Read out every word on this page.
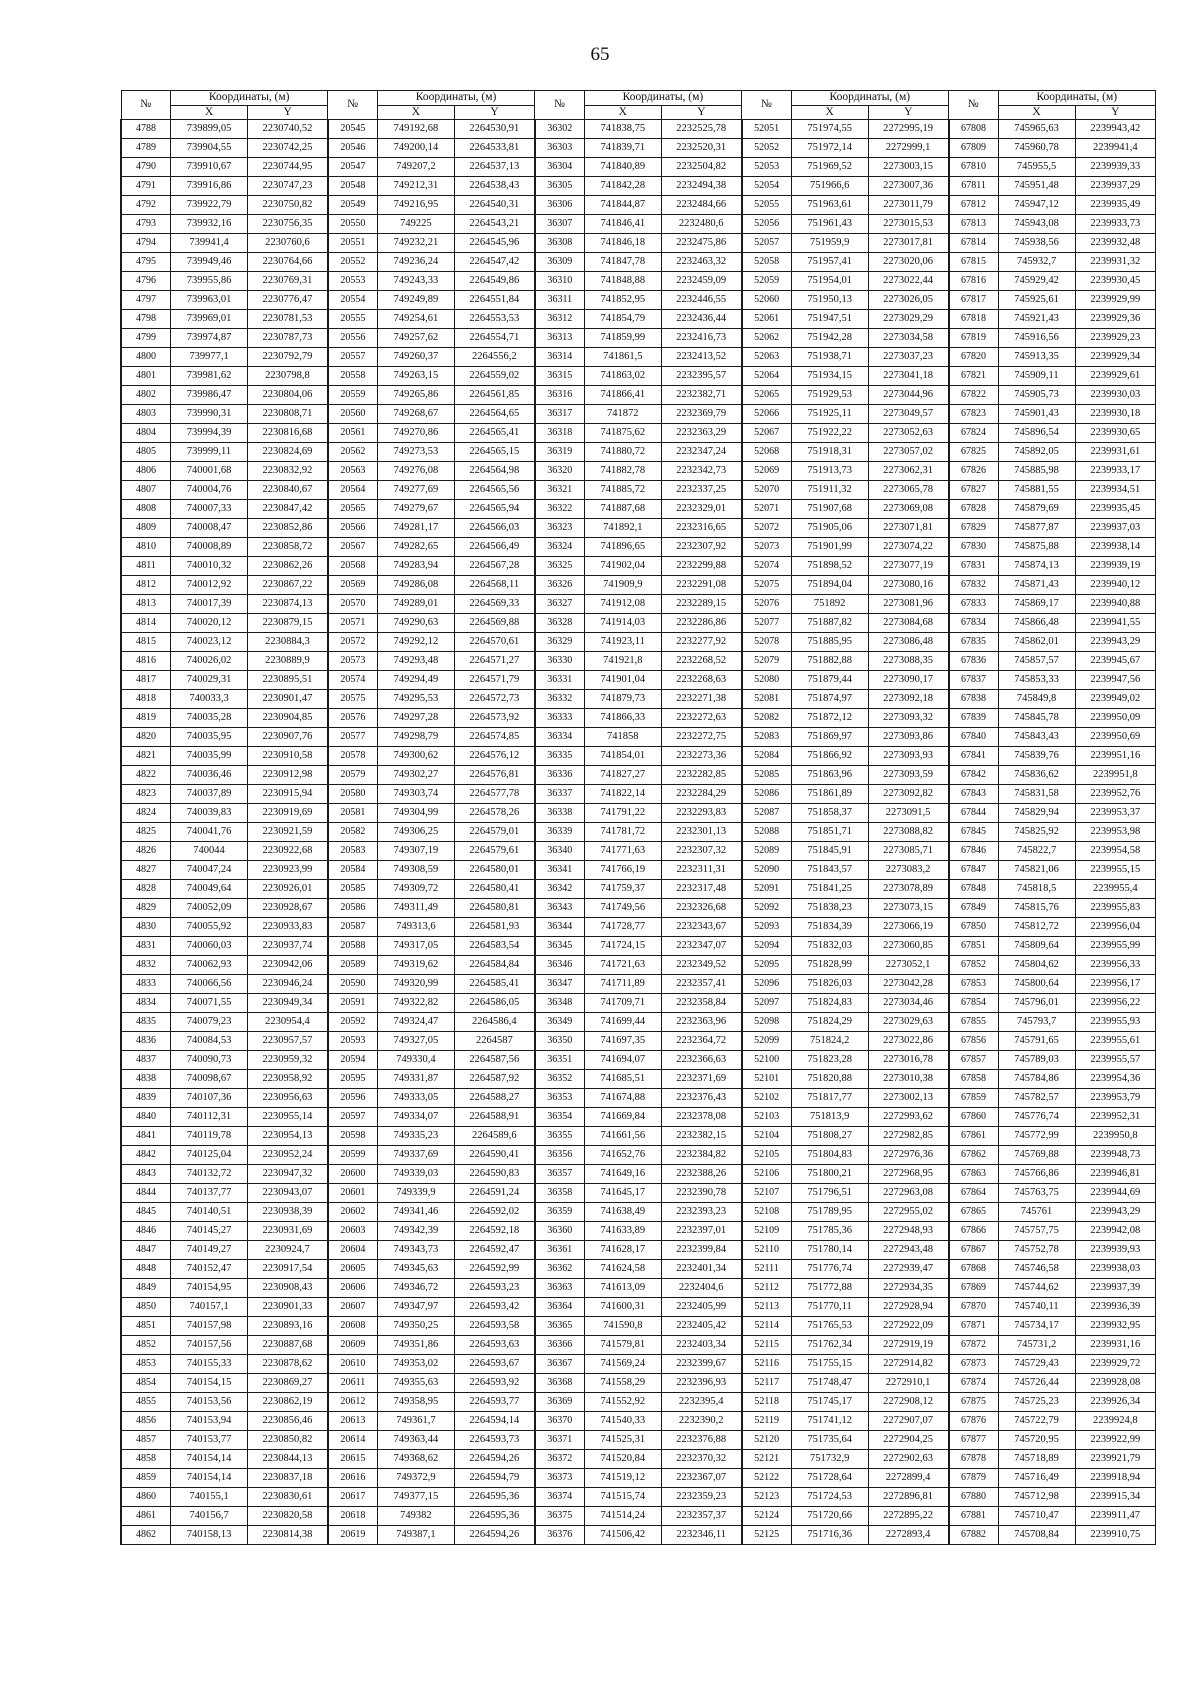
65
№	Координаты, (м)		№	Координаты, (м)		№	Координаты, (м)		№	Координаты, (м)		№	Координаты, (м)	
	X	Y		X	Y		X	Y		X	Y		X	Y
4788	739899,05	2230740,52	20545	749192,68	2264530,91	36302	741838,75	2232525,78	52051	751974,55	2272995,19	67808	745965,63	2239943,42
4789	739904,55	2230742,25	20546	749200,14	2264533,81	36303	741839,71	2232520,31	52052	751972,14	2272999,1	67809	745960,78	2239941,4
4790	739910,67	2230744,95	20547	749207,2	2264537,13	36304	741840,89	2232504,82	52053	751969,52	2273003,15	67810	745955,5	2239939,33
4791	739916,86	2230747,23	20548	749212,31	2264538,43	36305	741842,28	2232494,38	52054	751966,6	2273007,36	67811	745951,48	2239937,29
4792	739922,79	2230750,82	20549	749216,95	2264540,31	36306	741844,87	2232484,66	52055	751963,61	2273011,79	67812	745947,12	2239935,49
4793	739932,16	2230756,35	20550	749225	2264543,21	36307	741846,41	2232480,6	52056	751961,43	2273015,53	67813	745943,08	2239933,73
4794	739941,4	2230760,6	20551	749232,21	2264545,96	36308	741846,18	2232475,86	52057	751959,9	2273017,81	67814	745938,56	2239932,48
4795	739949,46	2230764,66	20552	749236,24	2264547,42	36309	741847,78	2232463,32	52058	751957,41	2273020,06	67815	745932,7	2239931,32
4796	739955,86	2230769,31	20553	749243,33	2264549,86	36310	741848,88	2232459,09	52059	751954,01	2273022,44	67816	745929,42	2239930,45
4797	739963,01	2230776,47	20554	749249,89	2264551,84	36311	741852,95	2232446,55	52060	751950,13	2273026,05	67817	745925,61	2239929,99
4798	739969,01	2230781,53	20555	749254,61	2264553,53	36312	741854,79	2232436,44	52061	751947,51	2273029,29	67818	745921,43	2239929,36
4799	739974,87	2230787,73	20556	749257,62	2264554,71	36313	741859,99	2232416,73	52062	751942,28	2273034,58	67819	745916,56	2239929,23
4800	739977,1	2230792,79	20557	749260,37	2264556,2	36314	741861,5	2232413,52	52063	751938,71	2273037,23	67820	745913,35	2239929,34
4801	739981,62	2230798,8	20558	749263,15	2264559,02	36315	741863,02	2232395,57	52064	751934,15	2273041,18	67821	745909,11	2239929,61
4802	739986,47	2230804,06	20559	749265,86	2264561,85	36316	741866,41	2232382,71	52065	751929,53	2273044,96	67822	745905,73	2239930,03
4803	739990,31	2230808,71	20560	749268,67	2264564,65	36317	741872	2232369,79	52066	751925,11	2273049,57	67823	745901,43	2239930,18
4804	739994,39	2230816,68	20561	749270,86	2264565,41	36318	741875,62	2232363,29	52067	751922,22	2273052,63	67824	745896,54	2239930,65
4805	739999,11	2230824,69	20562	749273,53	2264565,15	36319	741880,72	2232347,24	52068	751918,31	2273057,02	67825	745892,05	2239931,61
4806	740001,68	2230832,92	20563	749276,08	2264564,98	36320	741882,78	2232342,73	52069	751913,73	2273062,31	67826	745885,98	2239933,17
4807	740004,76	2230840,67	20564	749277,69	2264565,56	36321	741885,72	2232337,25	52070	751911,32	2273065,78	67827	745881,55	2239934,51
4808	740007,33	2230847,42	20565	749279,67	2264565,94	36322	741887,68	2232329,01	52071	751907,68	2273069,08	67828	745879,69	2239935,45
4809	740008,47	2230852,86	20566	749281,17	2264566,03	36323	741892,1	2232316,65	52072	751905,06	2273071,81	67829	745877,87	2239937,03
4810	740008,89	2230858,72	20567	749282,65	2264566,49	36324	741896,65	2232307,92	52073	751901,99	2273074,22	67830	745875,88	2239938,14
4811	740010,32	2230862,26	20568	749283,94	2264567,28	36325	741902,04	2232299,88	52074	751898,52	2273077,19	67831	745874,13	2239939,19
4812	740012,92	2230867,22	20569	749286,08	2264568,11	36326	741909,9	2232291,08	52075	751894,04	2273080,16	67832	745871,43	2239940,12
4813	740017,39	2230874,13	20570	749289,01	2264569,33	36327	741912,08	2232289,15	52076	751892	2273081,96	67833	745869,17	2239940,88
4814	740020,12	2230879,15	20571	749290,63	2264569,88	36328	741914,03	2232286,86	52077	751887,82	2273084,68	67834	745866,48	2239941,55
4815	740023,12	2230884,3	20572	749292,12	2264570,61	36329	741923,11	2232277,92	52078	751885,95	2273086,48	67835	745862,01	2239943,29
4816	740026,02	2230889,9	20573	749293,48	2264571,27	36330	741921,8	2232268,52	52079	751882,88	2273088,35	67836	745857,57	2239945,67
4817	740029,31	2230895,51	20574	749294,49	2264571,79	36331	741901,04	2232268,63	52080	751879,44	2273090,17	67837	745853,33	2239947,56
4818	740033,3	2230901,47	20575	749295,53	2264572,73	36332	741879,73	2232271,38	52081	751874,97	2273092,18	67838	745849,8	2239949,02
4819	740035,28	2230904,85	20576	749297,28	2264573,92	36333	741866,33	2232272,63	52082	751872,12	2273093,32	67839	745845,78	2239950,09
4820	740035,95	2230907,76	20577	749298,79	2264574,85	36334	741858	2232272,75	52083	751869,97	2273093,86	67840	745843,43	2239950,69
4821	740035,99	2230910,58	20578	749300,62	2264576,12	36335	741854,01	2232273,36	52084	751866,92	2273093,93	67841	745839,76	2239951,16
4822	740036,46	2230912,98	20579	749302,27	2264576,81	36336	741827,27	2232282,85	52085	751863,96	2273093,59	67842	745836,62	2239951,8
4823	740037,89	2230915,94	20580	749303,74	2264577,78	36337	741822,14	2232284,29	52086	751861,89	2273092,82	67843	745831,58	2239952,76
4824	740039,83	2230919,69	20581	749304,99	2264578,26	36338	741791,22	2232293,83	52087	751858,37	2273091,5	67844	745829,94	2239953,37
4825	740041,76	2230921,59	20582	749306,25	2264579,01	36339	741781,72	2232301,13	52088	751851,71	2273088,82	67845	745825,92	2239953,98
4826	740044	2230922,68	20583	749307,19	2264579,61	36340	741771,63	2232307,32	52089	751845,91	2273085,71	67846	745822,7	2239954,58
4827	740047,24	2230923,99	20584	749308,59	2264580,01	36341	741766,19	2232311,31	52090	751843,57	2273083,2	67847	745821,06	2239955,15
4828	740049,64	2230926,01	20585	749309,72	2264580,41	36342	741759,37	2232317,48	52091	751841,25	2273078,89	67848	745818,5	2239955,4
4829	740052,09	2230928,67	20586	749311,49	2264580,81	36343	741749,56	2232326,68	52092	751838,23	2273073,15	67849	745815,76	2239955,83
4830	740055,92	2230933,83	20587	749313,6	2264581,93	36344	741728,77	2232343,67	52093	751834,39	2273066,19	67850	745812,72	2239956,04
4831	740060,03	2230937,74	20588	749317,05	2264583,54	36345	741724,15	2232347,07	52094	751832,03	2273060,85	67851	745809,64	2239955,99
4832	740062,93	2230942,06	20589	749319,62	2264584,84	36346	741721,63	2232349,52	52095	751828,99	2273052,1	67852	745804,62	2239956,33
4833	740066,56	2230946,24	20590	749320,99	2264585,41	36347	741711,89	2232357,41	52096	751826,03	2273042,28	67853	745800,64	2239956,17
4834	740071,55	2230949,34	20591	749322,82	2264586,05	36348	741709,71	2232358,84	52097	751824,83	2273034,46	67854	745796,01	2239956,22
4835	740079,23	2230954,4	20592	749324,47	2264586,4	36349	741699,44	2232363,96	52098	751824,29	2273029,63	67855	745793,7	2239955,93
4836	740084,53	2230957,57	20593	749327,05	2264587	36350	741697,35	2232364,72	52099	751824,2	2273022,86	67856	745791,65	2239955,61
4837	740090,73	2230959,32	20594	749330,4	2264587,56	36351	741694,07	2232366,63	52100	751823,28	2273016,78	67857	745789,03	2239955,57
4838	740098,67	2230958,92	20595	749331,87	2264587,92	36352	741685,51	2232371,69	52101	751820,88	2273010,38	67858	745784,86	2239954,36
4839	740107,36	2230956,63	20596	749333,05	2264588,27	36353	741674,88	2232376,43	52102	751817,77	2273002,13	67859	745782,57	2239953,79
4840	740112,31	2230955,14	20597	749334,07	2264588,91	36354	741669,84	2232378,08	52103	751813,9	2272993,62	67860	745776,74	2239952,31
4841	740119,78	2230954,13	20598	749335,23	2264589,6	36355	741661,56	2232382,15	52104	751808,27	2272982,85	67861	745772,99	2239950,8
4842	740125,04	2230952,24	20599	749337,69	2264590,41	36356	741652,76	2232384,82	52105	751804,83	2272976,36	67862	745769,88	2239948,73
4843	740132,72	2230947,32	20600	749339,03	2264590,83	36357	741649,16	2232388,26	52106	751800,21	2272968,95	67863	745766,86	2239946,81
4844	740137,77	2230943,07	20601	749339,9	2264591,24	36358	741645,17	2232390,78	52107	751796,51	2272963,08	67864	745763,75	2239944,69
4845	740140,51	2230938,39	20602	749341,46	2264592,02	36359	741638,49	2232393,23	52108	751789,95	2272955,02	67865	745761	2239943,29
4846	740145,27	2230931,69	20603	749342,39	2264592,18	36360	741633,89	2232397,01	52109	751785,36	2272948,93	67866	745757,75	2239942,08
4847	740149,27	2230924,7	20604	749343,73	2264592,47	36361	741628,17	2232399,84	52110	751780,14	2272943,48	67867	745752,78	2239939,93
4848	740152,47	2230917,54	20605	749345,63	2264592,99	36362	741624,58	2232401,34	52111	751776,74	2272939,47	67868	745746,58	2239938,03
4849	740154,95	2230908,43	20606	749346,72	2264593,23	36363	741613,09	2232404,6	52112	751772,88	2272934,35	67869	745744,62	2239937,39
4850	740157,1	2230901,33	20607	749347,97	2264593,42	36364	741600,31	2232405,99	52113	751770,11	2272928,94	67870	745740,11	2239936,39
4851	740157,98	2230893,16	20608	749350,25	2264593,58	36365	741590,8	2232405,42	52114	751765,53	2272922,09	67871	745734,17	2239932,95
4852	740157,56	2230887,68	20609	749351,86	2264593,63	36366	741579,81	2232403,34	52115	751762,34	2272919,19	67872	745731,2	2239931,16
4853	740155,33	2230878,62	20610	749353,02	2264593,67	36367	741569,24	2232399,67	52116	751755,15	2272914,82	67873	745729,43	2239929,72
4854	740154,15	2230869,27	20611	749355,63	2264593,92	36368	741558,29	2232396,93	52117	751748,47	2272910,1	67874	745726,44	2239928,08
4855	740153,56	2230862,19	20612	749358,95	2264593,77	36369	741552,92	2232395,4	52118	751745,17	2272908,12	67875	745725,23	2239926,34
4856	740153,94	2230856,46	20613	749361,7	2264594,14	36370	741540,33	2232390,2	52119	751741,12	2272907,07	67876	745722,79	2239924,8
4857	740153,77	2230850,82	20614	749363,44	2264593,73	36371	741525,31	2232376,88	52120	751735,64	2272904,25	67877	745720,95	2239922,99
4858	740154,14	2230844,13	20615	749368,62	2264594,26	36372	741520,84	2232370,32	52121	751732,9	2272902,63	67878	745718,89	2239921,79
4859	740154,14	2230837,18	20616	749372,9	2264594,79	36373	741519,12	2232367,07	52122	751728,64	2272899,4	67879	745716,49	2239918,94
4860	740155,1	2230830,61	20617	749377,15	2264595,36	36374	741515,74	2232359,23	52123	751724,53	2272896,81	67880	745712,98	2239915,34
4861	740156,7	2230820,58	20618	749382	2264595,36	36375	741514,24	2232357,37	52124	751720,66	2272895,22	67881	745710,47	2239911,47
4862	740158,13	2230814,38	20619	749387,1	2264594,26	36376	741506,42	2232346,11	52125	751716,36	2272893,4	67882	745708,84	2239910,75
